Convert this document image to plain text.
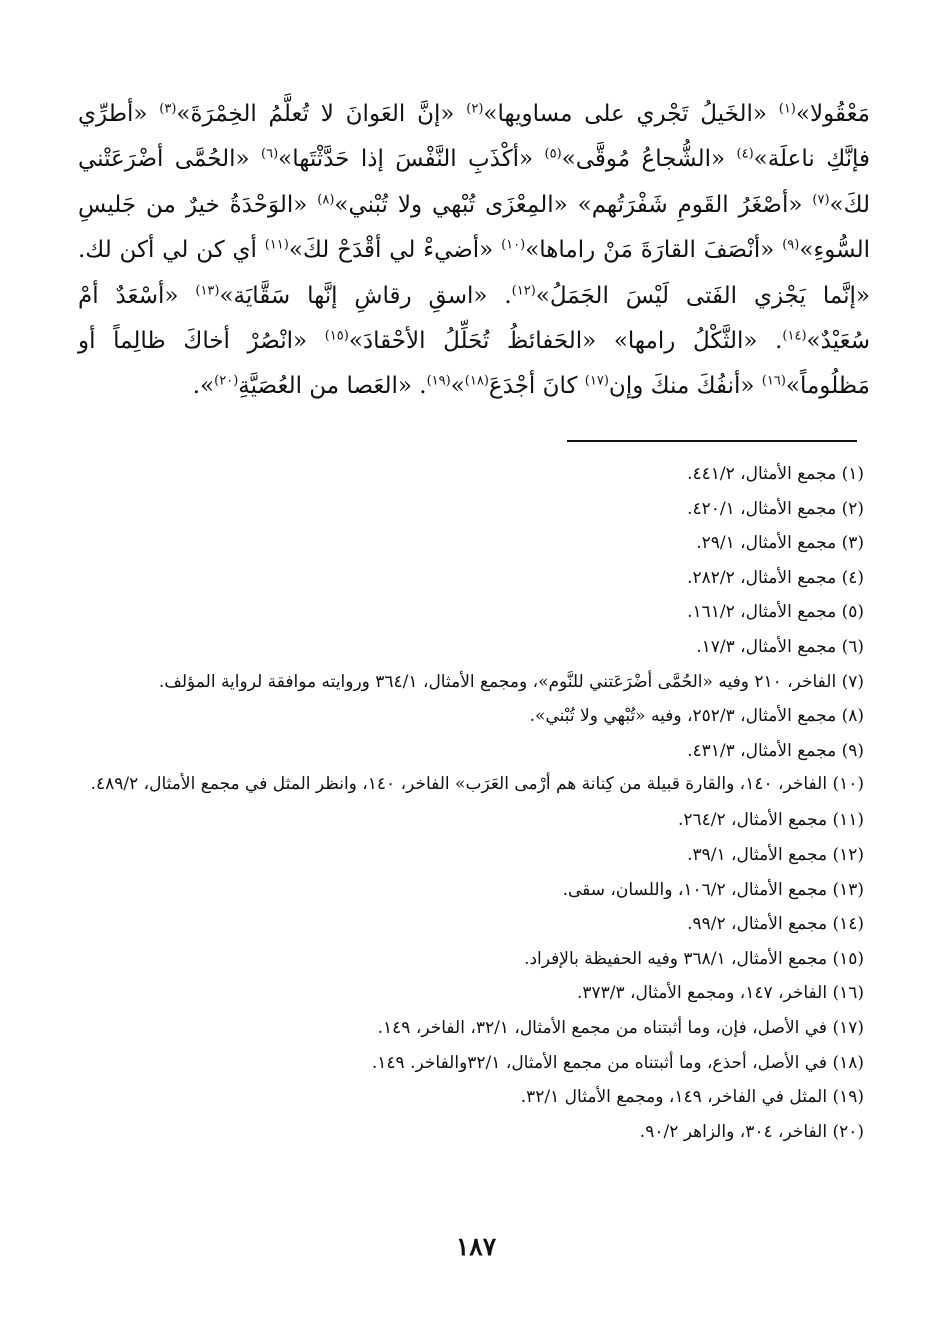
مَعْقُولا»$^{(١)}$ «الخَيلُ تَجْري على مساويها»$^{(٢)}$ «إنَّ العَوانَ لا تُعلَّمُ الخِمْرَةَ»$^{(٣)}$ «أطرِّي فإنَّكِ ناعلَة»$^{(٤)}$ «الشُّجاعُ مُوقَّى»$^{(٥)}$ «أكْذَبِ النَّفْسَ إذا حَدَّثْتَها»$^{(٦)}$ «الحُمَّى أضْرَعَتْني لكَ»$^{(٧)}$ «أصْغَرُ القَومِ شَفْرَتُهم» «المِعْزَى تُبْهي ولا تُبْني»$^{(٨)}$ «الوَحْدَةُ خيرٌ من جَليسِ السُّوءِ»$^{(٩)}$ «أنْصَفَ القارَةَ مَنْ راماها»$^{(١٠)}$ «أضيءْ لي أقْدَحْ لكَ»$^{(١١)}$ أي كن لي أكن لك. «إنَّما يَجْزي الفَتى لَيْسَ الجَمَلُ»$^{(١٢)}$. «اسقِ رقاشِ إنَّها سَقَّايَة»$^{(١٣)}$ «أسْعَدٌ أمْ سُعَيْدٌ»$^{(١٤)}$. «الثَّكْلُ رامها» «الحَفائظُ تُحَلِّلُ الأحْقادَ»$^{(١٥)}$ «انْصُرْ أخاكَ ظالِماً أو مَظلُوماً»$^{(١٦)}$ «أنفُكَ منكَ وإن$^{(١٧)}$ كانَ أجْدَعَ$^{(١٨)}$»$^{(١٩)}$. «العَصا من العُصَيَّةِ$^{(٢٠)}$».

(١) مجمع الأمثال، ٤٤١/٢.
(٢) مجمع الأمثال، ٤٢٠/١.
(٣) مجمع الأمثال، ٢٩/١.
(٤) مجمع الأمثال، ٢٨٢/٢.
(٥) مجمع الأمثال، ١٦١/٢.
(٦) مجمع الأمثال، ١٧/٣.
(٧) الفاخر، ٢١٠ وفيه «الحُمَّى أضْرَعَتني للنَّوم»، ومجمع الأمثال، ٣٦٤/١ وروايته موافقة لرواية المؤلف.
(٨) مجمع الأمثال، ٢٥٢/٣، وفيه «تُبْهي ولا تُبْني».
(٩) مجمع الأمثال، ٤٣١/٣.
(١٠) الفاخر، ١٤٠، والقارة قبيلة من كِنانة هم أرْمى العَرَب» الفاخر، ١٤٠، وانظر المثل في مجمع الأمثال، ٤٨٩/٢.
(١١) مجمع الأمثال، ٢٦٤/٢.
(١٢) مجمع الأمثال، ٣٩/١.
(١٣) مجمع الأمثال، ١٠٦/٢، واللسان، سقى.
(١٤) مجمع الأمثال، ٩٩/٢.
(١٥) مجمع الأمثال، ٣٦٨/١ وفيه الحفيظة بالإفراد.
(١٦) الفاخر، ١٤٧، ومجمع الأمثال، ٣٧٣/٣.
(١٧) في الأصل، فإن، وما أثبتناه من مجمع الأمثال، ٣٢/١، الفاخر، ١٤٩.
(١٨) في الأصل، أحذع، وما أثبتناه من مجمع الأمثال، ٣٢/١والفاخر. ١٤٩.
(١٩) المثل في الفاخر، ١٤٩، ومجمع الأمثال ٣٢/١.
(٢٠) الفاخر، ٣٠٤، والزاهر ٩٠/٢.
١٨٧
